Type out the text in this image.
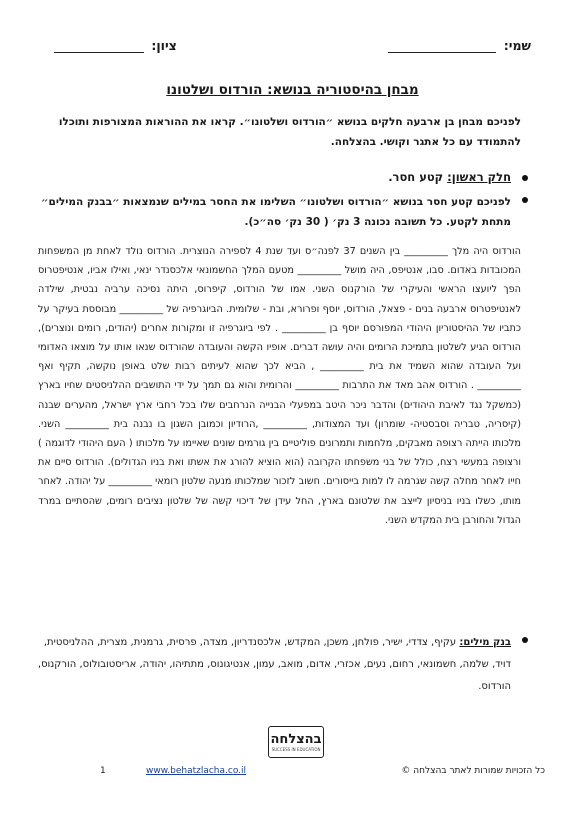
שמי:
ציון:
מבחן בהיסטוריה בנושא: הורדוס ושלטונו
לפניכם מבחן בן ארבעה חלקים בנושא ״הורדוס ושלטונו״. קראו את ההוראות המצורפות ותוכלו להתמודד עם כל אתגר וקושי. בהצלחה.
חלק ראשון: קטע חסר.
לפניכם קטע חסר בנושא ״הורדוס ושלטונו״ השלימו את החסר במילים שנמצאות ״בבנק המילים״ מתחת לקטע. כל תשובה נכונה 3 נק׳ ( 30 נק׳ סה״כ).

הורדוס היה מלך _________ בין השנים 37 לפנה״ס ועד שנת 4 לספירה הנוצרית. הורדוס נולד לאחת מן המשפחות המכובדות באדום. סבו, אנטיפס, היה מושל _________ מטעם המלך החשמונאי אלכסנדר ינאי, ואילו אביו, אנטיפטרוס הפך ליועצו הראשי והעיקרי של הורקנוס השני. אמו של הורדוס, קיפרוס, היתה נסיכה ערביה נבטית, שילדה לאנטיפטרוס ארבעה בנים - פצאל, הורדוס, יוסף ופרורא, ובת - שלומית. הביוגרפיה של _________ מבוססת בעיקר על כתביו של ההיסטוריון היהודי המפורסם יוסף בן _________ . לפי ביוגרפיה זו ומקורות אחרים (יהודים, רומים ונוצרים), הורדוס הגיע לשלטון בתמיכת הרומים והיה עושה דברים. אופיו הקשה והעובדה שהורדוס שנאו אותו על מוצאו האדומי ועל העובדה שהוא השמיד את בית _________ , הביא לכך שהוא לעיתים רבות שלט באופן נוקשה, תקיף ואף _________ . הורדוס אהב מאד את התרבות _________ והרומית והוא גם תמך על ידי התושבים ההלניסטים שחיו בארץ (כמשקל נגד לאיבת היהודים) והדבר ניכר היטב במפעלי הבנייה הנרחבים שלו בכל רחבי ארץ ישראל, מהערים שבנה (קיסריה, טבריה וסבסטיה- שומרון) ועד המצודות, _________ ,הרודיון וכמובן השגון בו נבנה בית _________ השני. מלכותו הייתה רצופה מאבקים, מלחמות ותמרונים פוליטיים בין גורמים שונים שאיימו על מלכותו ( העם היהודי לדוגמה ) ורצופה במעשי רצח, כולל של בני משפחתו הקרובה (הוא הוציא להורג את אשתו ואת בניו הגדולים). הורדוס סיים את חייו לאחר מחלה קשה שגרמה לו למות בייסורים. חשוב לזכור שמלכותו מנעה שלטון רומאי _________ על יהודה. לאחר מותו, כשלו בניו בניסיון לייצב את שלטונם בארץ, החל עידן של דיכוי קשה של שלטון נציבים רומים, שהסתיים במרד הגדול והחורבן בית המקדש השני.

בנק מילים: עקיף, צדדי, ישיר, פולחן, משכן, המקדש, אלכסנדריון, מצדה, פרסית, גרמנית, מצרית, ההלניסטית, דויד, שלמה, חשמונאי, רחום, נעים, אכזרי, אדום, מואב, עמון, אנטיגונוס, מתתיהו, יהודה, אריסטובולוס, הורקנוס, הורדוס.
בהצלחה
SUCCESS IN EDUCATION
כל הזכויות שמורות לאתר בהצלחה ©
www.behatzlacha.co.il
1
